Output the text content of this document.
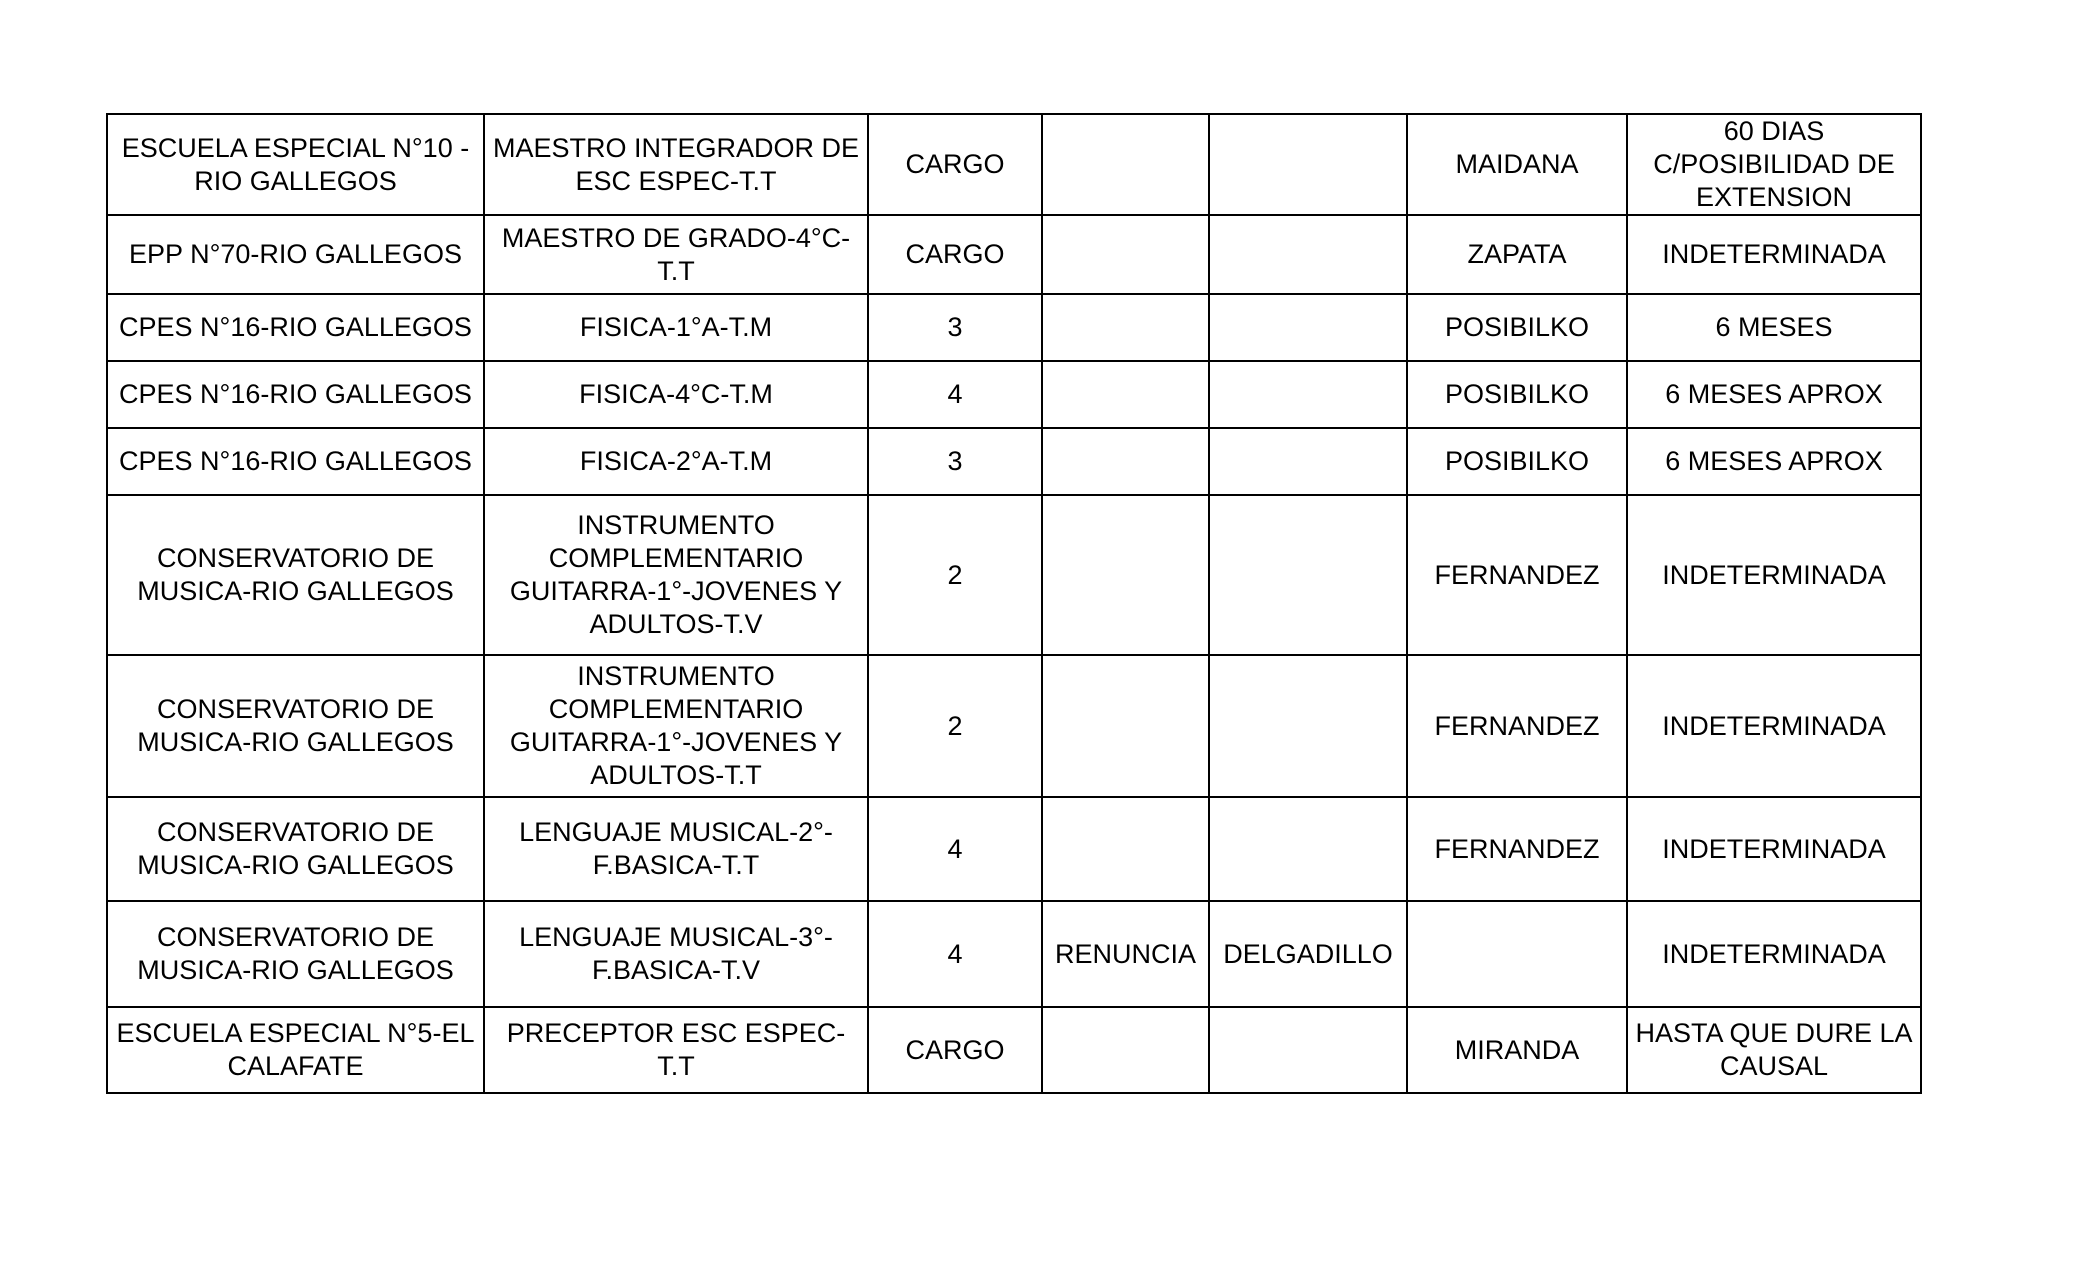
ESCUELA ESPECIAL N°10 - RIO GALLEGOS	MAESTRO INTEGRADOR DE ESC ESPEC-T.T	CARGO			MAIDANA	60 DIAS C/POSIBILIDAD DE EXTENSION
EPP N°70-RIO GALLEGOS	MAESTRO DE GRADO-4°C-T.T	CARGO			ZAPATA	INDETERMINADA
CPES N°16-RIO GALLEGOS	FISICA-1°A-T.M	3			POSIBILKO	6 MESES
CPES N°16-RIO GALLEGOS	FISICA-4°C-T.M	4			POSIBILKO	6 MESES APROX
CPES N°16-RIO GALLEGOS	FISICA-2°A-T.M	3			POSIBILKO	6 MESES APROX
CONSERVATORIO DE MUSICA-RIO GALLEGOS	INSTRUMENTO COMPLEMENTARIO GUITARRA-1°-JOVENES Y ADULTOS-T.V	2			FERNANDEZ	INDETERMINADA
CONSERVATORIO DE MUSICA-RIO GALLEGOS	INSTRUMENTO COMPLEMENTARIO GUITARRA-1°-JOVENES Y ADULTOS-T.T	2			FERNANDEZ	INDETERMINADA
CONSERVATORIO DE MUSICA-RIO GALLEGOS	LENGUAJE MUSICAL-2°-F.BASICA-T.T	4			FERNANDEZ	INDETERMINADA
CONSERVATORIO DE MUSICA-RIO GALLEGOS	LENGUAJE MUSICAL-3°-F.BASICA-T.V	4	RENUNCIA	DELGADILLO		INDETERMINADA
ESCUELA ESPECIAL N°5-EL CALAFATE	PRECEPTOR ESC ESPEC-T.T	CARGO			MIRANDA	HASTA QUE DURE LA CAUSAL
